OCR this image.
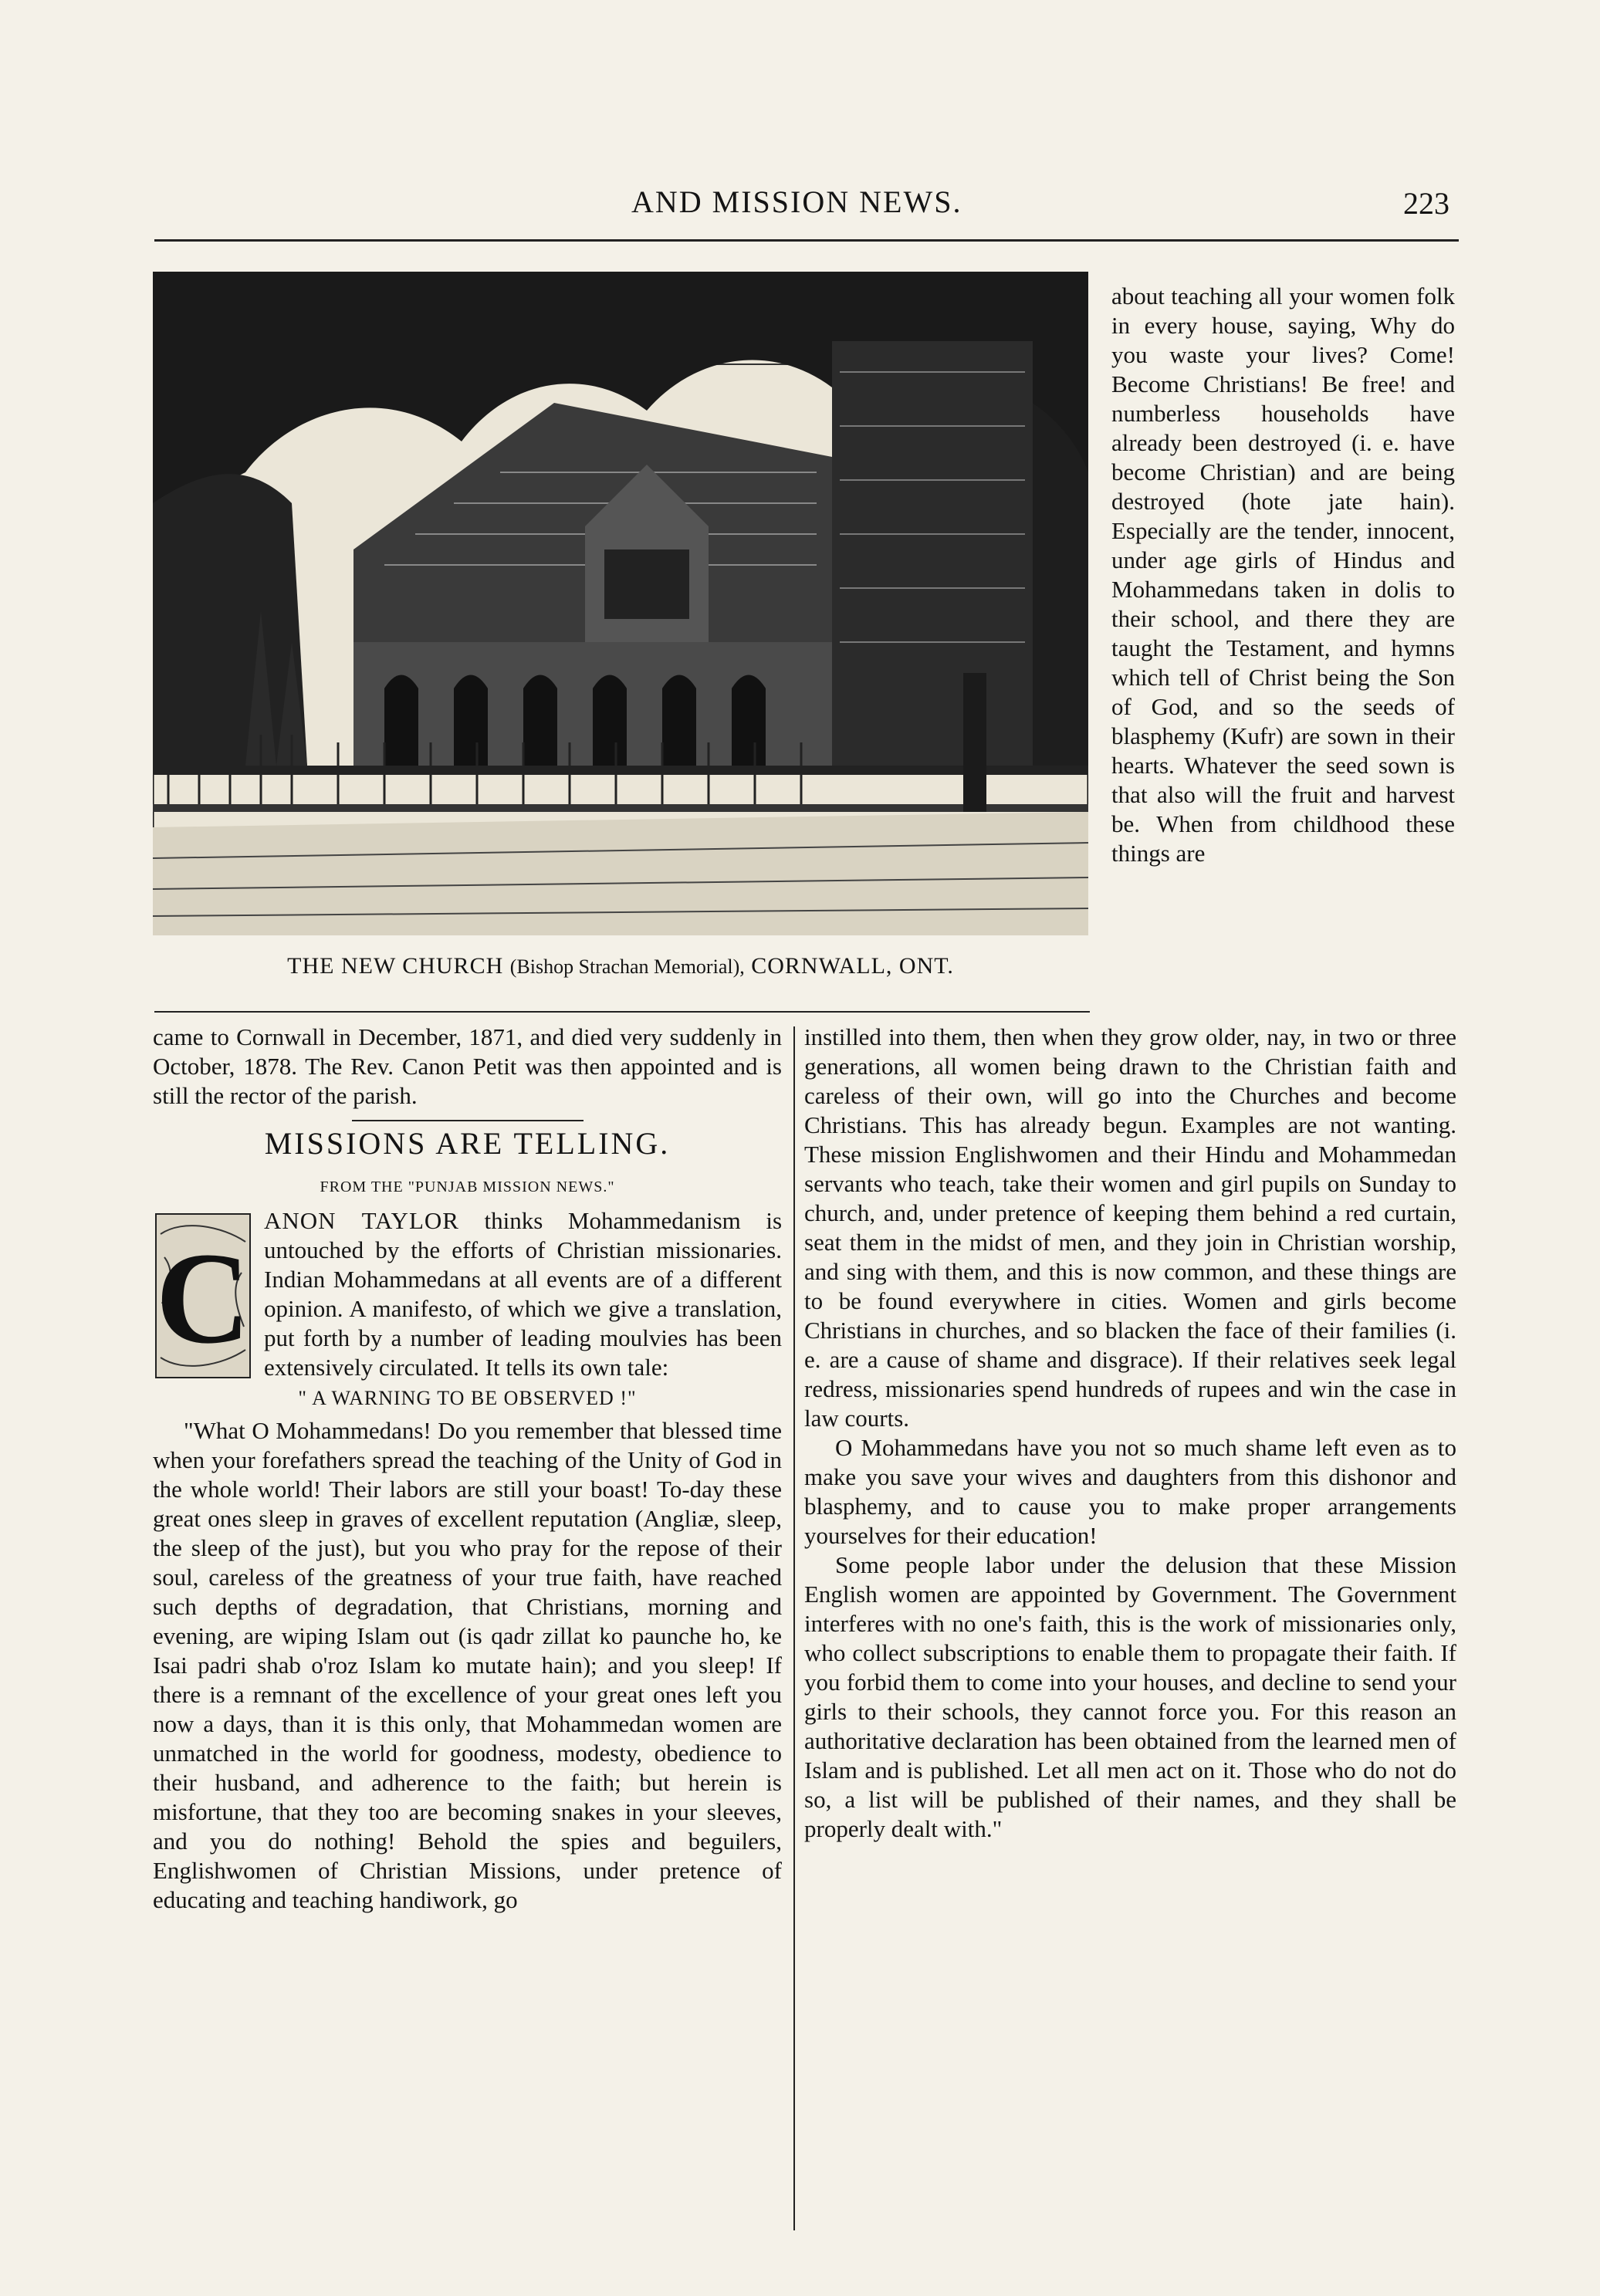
AND MISSION NEWS.	223
THE NEW CHURCH (Bishop Strachan Memorial), CORNWALL, ONT.

about teaching all your women folk in every house, saying, Why do you waste your lives? Come! Become Christians! Be free! and numberless households have already been destroyed (i. e. have become Christian) and are being destroyed (hote jate hain). Especially are the tender, innocent, under age girls of Hindus and Mohammedans taken in dolis to their school, and there they are taught the Testament, and hymns which tell of Christ being the Son of God, and so the seeds of blasphemy (Kufr) are sown in their hearts. Whatever the seed sown is that also will the fruit and harvest be. When from childhood these things are

came to Cornwall in December, 1871, and died very suddenly in October, 1878. The Rev. Canon Petit was then appointed and is still the rector of the parish.

MISSIONS ARE TELLING.
FROM THE "PUNJAB MISSION NEWS."
C

ANON TAYLOR thinks Mohammedanism is untouched by the efforts of Christian missionaries. Indian Mohammedans at all events are of a different opinion. A manifesto, of which we give a translation, put forth by a number of leading moulvies has been extensively circulated. It tells its own tale:

" A WARNING TO BE OBSERVED !"

"What O Mohammedans! Do you remember that blessed time when your forefathers spread the teaching of the Unity of God in the whole world! Their labors are still your boast! To-day these great ones sleep in graves of excellent reputation (Angliæ, sleep, the sleep of the just), but you who pray for the repose of their soul, careless of the greatness of your true faith, have reached such depths of degradation, that Christians, morning and evening, are wiping Islam out (is qadr zillat ko paunche ho, ke Isai padri shab o'roz Islam ko mutate hain); and you sleep! If there is a remnant of the excellence of your great ones left you now a days, than it is this only, that Mohammedan women are unmatched in the world for goodness, modesty, obedience to their husband, and adherence to the faith; but herein is misfortune, that they too are becoming snakes in your sleeves, and you do nothing! Behold the spies and beguilers, Englishwomen of Christian Missions, under pretence of educating and teaching handiwork, go

instilled into them, then when they grow older, nay, in two or three generations, all women being drawn to the Christian faith and careless of their own, will go into the Churches and become Christians. This has already begun. Examples are not wanting. These mission Englishwomen and their Hindu and Mohammedan servants who teach, take their women and girl pupils on Sunday to church, and, under pretence of keeping them behind a red curtain, seat them in the midst of men, and they join in Christian worship, and sing with them, and this is now common, and these things are to be found everywhere in cities. Women and girls become Christians in churches, and so blacken the face of their families (i. e. are a cause of shame and disgrace). If their relatives seek legal redress, missionaries spend hundreds of rupees and win the case in law courts.

O Mohammedans have you not so much shame left even as to make you save your wives and daughters from this dishonor and blasphemy, and to cause you to make proper arrangements yourselves for their education!

Some people labor under the delusion that these Mission English women are appointed by Government. The Government interferes with no one's faith, this is the work of missionaries only, who collect subscriptions to enable them to propagate their faith. If you forbid them to come into your houses, and decline to send your girls to their schools, they cannot force you. For this reason an authoritative declaration has been obtained from the learned men of Islam and is published. Let all men act on it. Those who do not do so, a list will be published of their names, and they shall be properly dealt with."
